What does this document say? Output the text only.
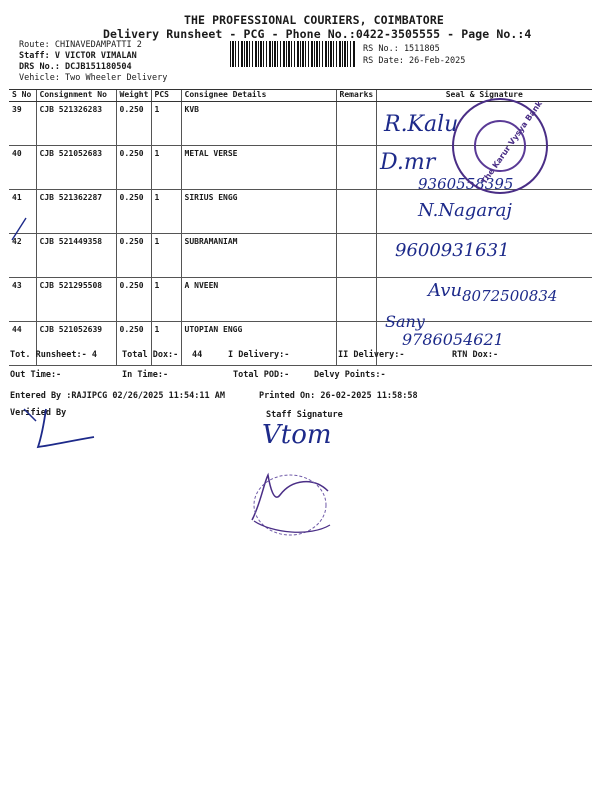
THE PROFESSIONAL COURIERS, COIMBATORE
Delivery Runsheet - PCG - Phone No.:0422-3505555 - Page No.:4
Route: CHINAVEDAMPATTI 2
Staff: V VICTOR VIMALAN
DRS No.: DCJB151180504
Vehicle: Two Wheeler Delivery
RS No.: 1511805
RS Date: 26-Feb-2025
S No	Consignment No	Weight	PCS	Consignee Details	Remarks	Seal & Signature
39	CJB 521326283	0.250	1	KVB		
40	CJB 521052683	0.250	1	METAL VERSE		
41	CJB 521362287	0.250	1	SIRIUS ENGG		
42	CJB 521449358	0.250	1	SUBRAMANIAM		
43	CJB 521295508	0.250	1	A NVEEN		
44	CJB 521052639	0.250	1	UTOPIAN ENGG		
R.Kalu
D.mr
9360558395
N.Nagaraj
9600931631
Avu 8072500834
Sany
9786054621
The Karur Vysya Bank
Tot. Runsheet:- 4	Total Dox:- 44	I Delivery:-	II Delivery:-	RTN Dox:-
Out Time:-	In Time:-	Total POD:-	Delvy Points:-
Entered By :RAJIPCG 02/26/2025 11:54:11 AM	Printed On: 26-02-2025 11:58:58
Verified By	Staff Signature
Vtom
